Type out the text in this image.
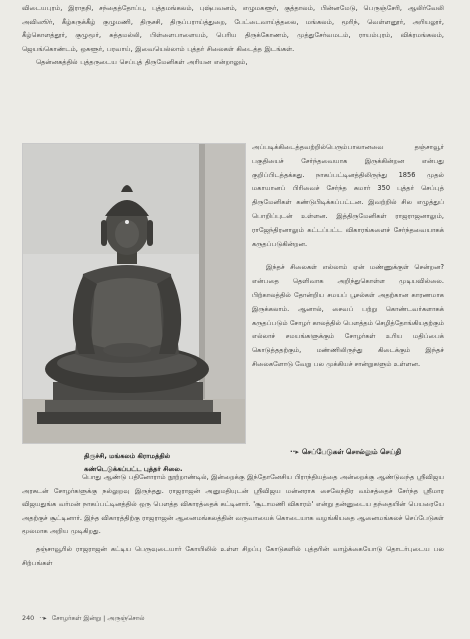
விடையபுரம், இராதநி, சந்தைத்தோப்பு, புத்தமங்கலம், புஷ்பவனம், எழுமகளூர், குத்தாலம், பின்னமேடு, பெருஞ்சேரி, ஆலிர்வேலி அவிஸூர், கீழ்கருக்கீழ் குழுமணி, திருசசி, திருப்பராய்த்துறை, பேட்டைவாய்த்தலை, மங்கலம், மூரிந், வெள்ளனூர், அரியலூர், கீழ்கொளத்தூர், குழுமூர், சுத்தமல்லி, பிள்ளைபாளையம், பெரிய திருக்கோணம், முத்துசேர்வமடம், ராயம்புரம், விக்ரமங்கலம், ஜெயங்கொண்டம், ஒகளூர், பரவாய், இவையெல்லாம் புத்தர் சிலைகள் கிடைத்த இடங்கள்.

தென்னகத்தில் புத்தருடைய செப்புத் திருமேனிகள் அரியன என்றாலும்,

திருச்சி, மங்கலம் கிராமத்தில்
கண்டெடுக்கப்பட்ட புத்தர் சிலை.

அப்படிக்கிடைத்தவற்றில்பெரும்பாலானவை தஞ்சாவூர் பகுதியைச் சேர்ந்தவையாக இருக்கின்றன என்பது குறிப்பிடத்தக்கது. நாகப்பட்டினத்திலிருந்து 1856 முதல் மகாயானப் பிரிவைச் சேர்ந்த சுமார் 350 புத்தர் செப்புத் திருமேனிகள் கண்டுபிடிக்கப்பட்டன. இவற்றில் சில எழுத்துப் பொறிப்புடன் உள்ளன. இத்திருமேனிகள் ராஜராஜனாலும், ராஜேந்திரனாலும் கட்டப்பட்ட விகாரங்களைச் சேர்ந்தவையாகக் கருதப்படுகின்றன.

இந்தச் சிலைகள் எல்லாம் ஏன் மண்ணுக்குள் சென்றன? என்பதை தெளிவாக அறிந்துகொள்ள முடியவில்லை. பிற்காலத்தில் தோன்றிய சமயப் பூசல்கள் அதற்கான காரணமாக இருக்கலாம். ஆனால், சைவப் பற்று கொண்டவர்களாகக் கருதப்படும் சோழர் காலத்தில் பௌத்தம் செழித்தோங்கியதற்கும் எல்லாச் சமயங்களுக்கும் சோழர்கள் உரிய மதிப்பைக் கொடுத்ததற்கும், மண்ணிலிருந்து கிடைக்கும் இந்தச் சிலைகளோடு வேறு பல முக்கியச் சான்றுகளும் உள்ளன.

··▸ செப்பேடுகள் சொல்லும் செய்தி

பொது ஆண்டு பதினோராம் நூற்றாண்டில், இன்றைக்கு இந்தோனேசிய பிராந்தியத்தை அன்றைக்கு ஆண்டுவந்த ஸ்ரீவிஜய அரசுடன் சோழர்களுக்கு நல்லுறவு இருந்தது. ராஜராஜன் அனுமதியுடன் ஸ்ரீவிஜய மன்னராக சைலேந்திர வம்சத்தைச் சேர்ந்த ஸ்ரீமார விஜயதுங்க வர்மன் நாகப்பட்டினத்தில் ஒரு பௌத்த விகாரத்தைக் கட்டினார். 'சூடாமணி விகாரம்' என்று தன்னுடைய தந்தையின் பெயரையே அதற்குச் சூட்டினார். இந்த விகாரத்திற்கு ராஜராஜன் ஆனைமங்கலத்தின் வருவாயைக் கொடையாக வழங்கியதை ஆனைமங்கலச் செப்பேடுகள் மூலமாக அறிய முடிகிறது.

தஞ்சாவூரில் ராஜராஜன் கட்டிய பெருவுடையார் கோயிலில் உள்ள சிறப்பு கோடுகளில் புத்தரின் வாழ்க்கையோடு தொடர்புடைய பல சிற்பங்கள்

240 ··▸ சோழர்கள் இன்று | அருஞ்சொல்
